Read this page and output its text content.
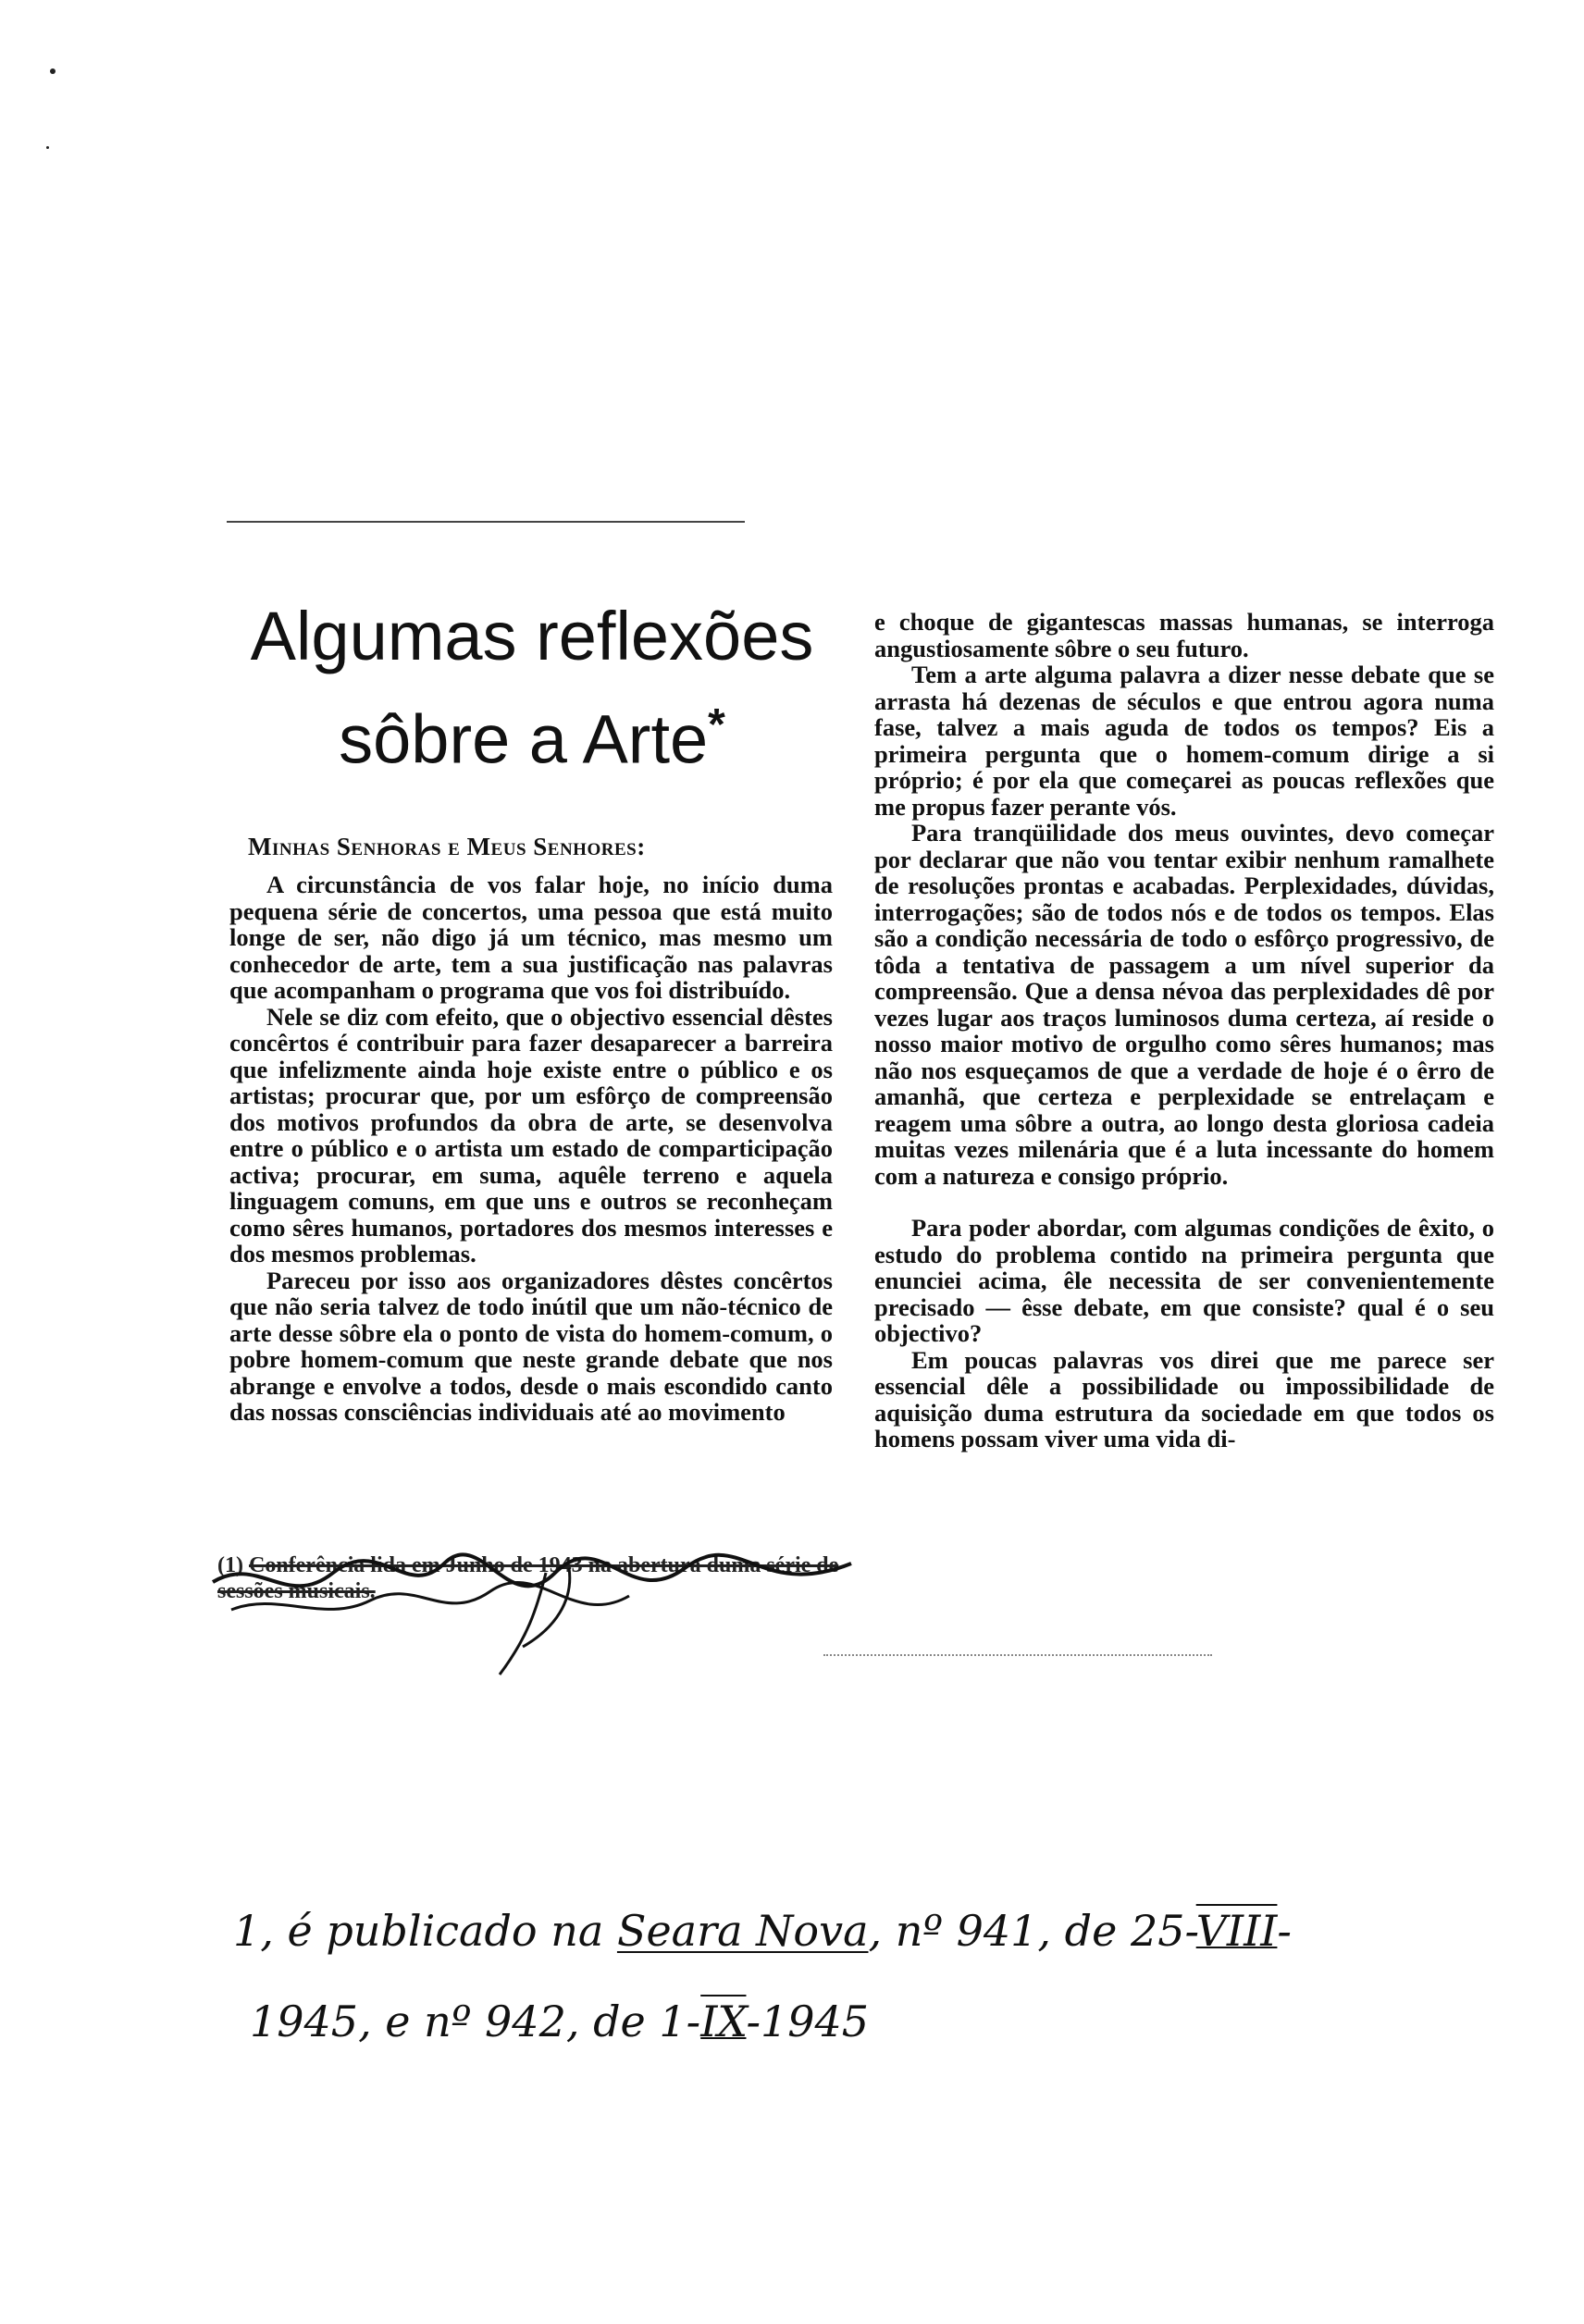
Algumas reflexões
sôbre a Arte*
Minhas Senhoras e Meus Senhores:

A circunstância de vos falar hoje, no início duma pequena série de concertos, uma pessoa que está muito longe de ser, não digo já um técnico, mas mesmo um conhecedor de arte, tem a sua justificação nas palavras que acompanham o programa que vos foi distribuído.

Nele se diz com efeito, que o objectivo essencial dêstes concêrtos é contribuir para fazer desaparecer a barreira que infelizmente ainda hoje existe entre o público e os artistas; procurar que, por um esfôrço de compreensão dos motivos profundos da obra de arte, se desenvolva entre o público e o artista um estado de comparticipação activa; procurar, em suma, aquêle terreno e aquela linguagem comuns, em que uns e outros se reconheçam como sêres humanos, portadores dos mesmos interesses e dos mesmos problemas.

Pareceu por isso aos organizadores dêstes concêrtos que não seria talvez de todo inútil que um não-técnico de arte desse sôbre ela o ponto de vista do homem-comum, o pobre homem-comum que neste grande debate que nos abrange e envolve a todos, desde o mais escondido canto das nossas consciências individuais até ao movimento

e choque de gigantescas massas humanas, se interroga angustiosamente sôbre o seu futuro.

Tem a arte alguma palavra a dizer nesse debate que se arrasta há dezenas de séculos e que entrou agora numa fase, talvez a mais aguda de todos os tempos? Eis a primeira pergunta que o homem-comum dirige a si próprio; é por ela que começarei as poucas reflexões que me propus fazer perante vós.

Para tranqüilidade dos meus ouvintes, devo começar por declarar que não vou tentar exibir nenhum ramalhete de resoluções prontas e acabadas. Perplexidades, dúvidas, interrogações; são de todos nós e de todos os tempos. Elas são a condição necessária de todo o esfôrço progressivo, de tôda a tentativa de passagem a um nível superior da compreensão. Que a densa névoa das perplexidades dê por vezes lugar aos traços luminosos duma certeza, aí reside o nosso maior motivo de orgulho como sêres humanos; mas não nos esqueçamos de que a verdade de hoje é o êrro de amanhã, que certeza e perplexidade se entrelaçam e reagem uma sôbre a outra, ao longo desta gloriosa cadeia muitas vezes milenária que é a luta incessante do homem com a natureza e consigo próprio.

Para poder abordar, com algumas condições de êxito, o estudo do problema contido na primeira pergunta que enunciei acima, êle necessita de ser convenientemente precisado — êsse debate, em que consiste? qual é o seu objectivo?

Em poucas palavras vos direi que me parece ser essencial dêle a possibilidade ou impossibilidade de aquisição duma estrutura da sociedade em que todos os homens possam viver uma vida di-

(1) Conferência lida em Junho de 1943 na abertura duma série de sessões musicais.
1, é publicado na Seara Nova, nº 941, de 25-VIII-
1945, e nº 942, de 1-IX-1945
